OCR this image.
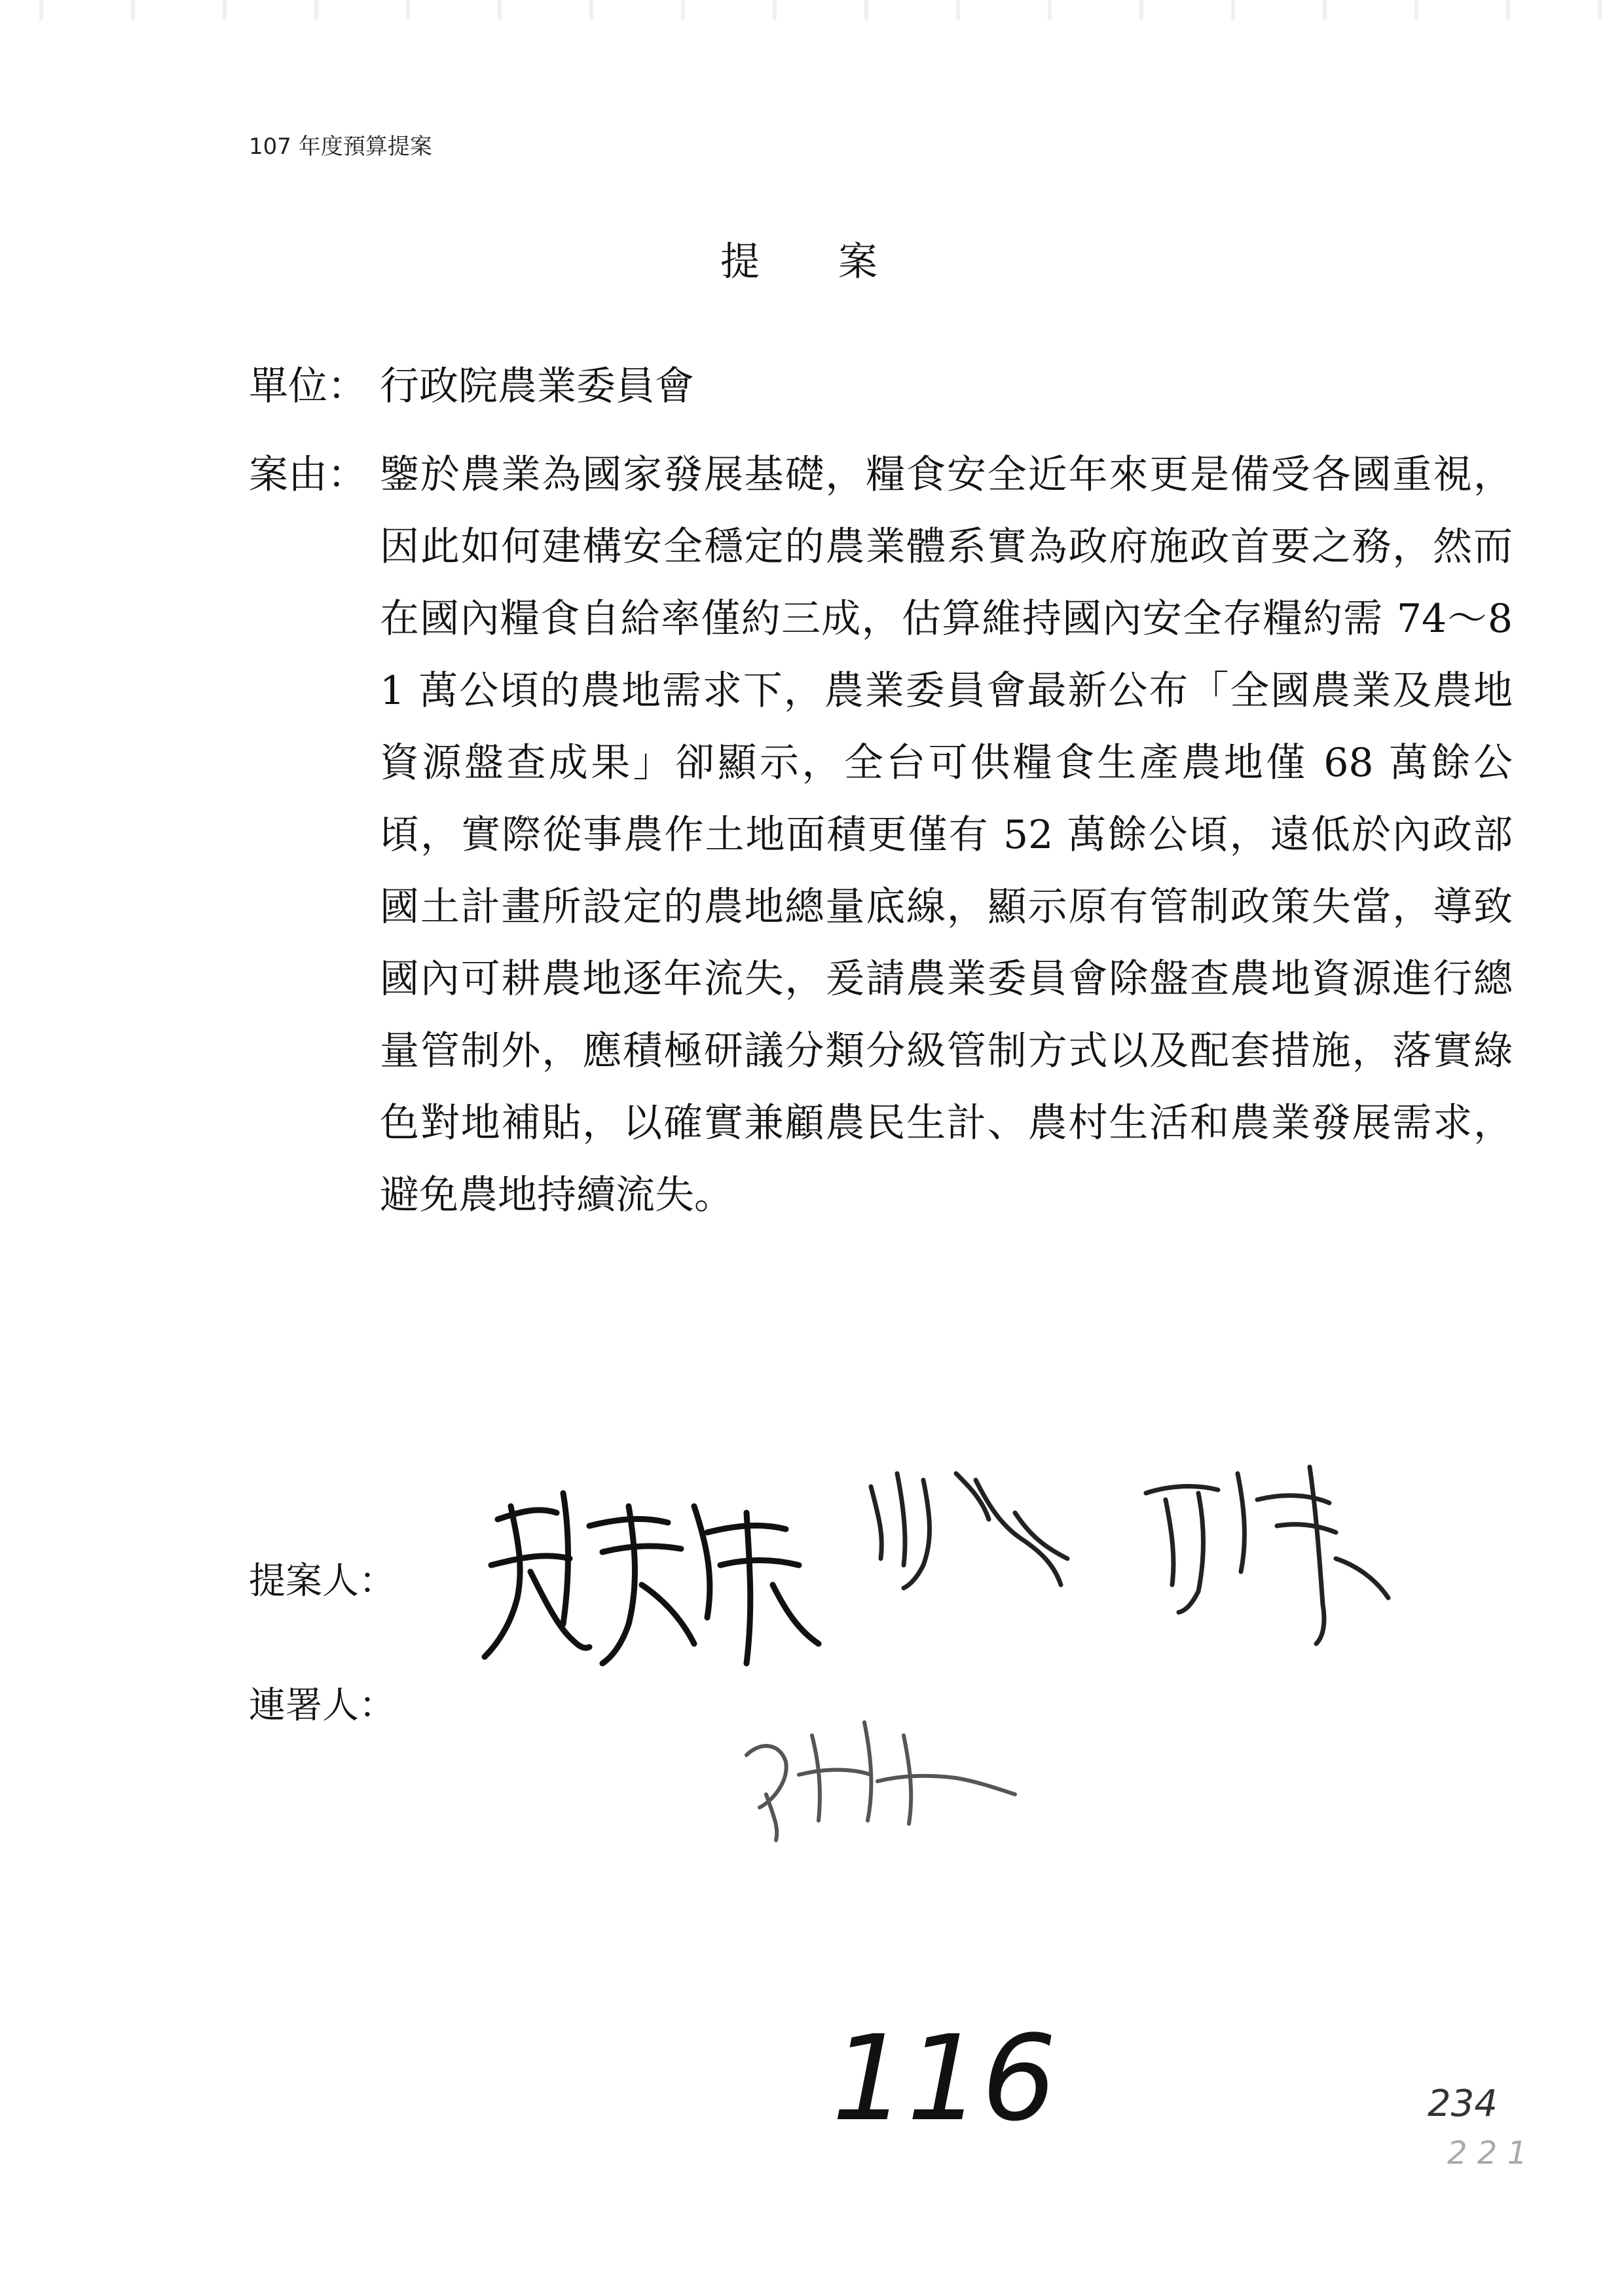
107 年度預算提案
提 案
單位： 行政院農業委員會
案由： 鑒於農業為國家發展基礎，糧食安全近年來更是備受各國重視，因此如何建構安全穩定的農業體系實為政府施政首要之務，然而在國內糧食自給率僅約三成，估算維持國內安全存糧約需 74～81 萬公頃的農地需求下，農業委員會最新公布「全國農業及農地資源盤查成果」卻顯示，全台可供糧食生產農地僅 68 萬餘公頃，實際從事農作土地面積更僅有 52 萬餘公頃，遠低於內政部國土計畫所設定的農地總量底線，顯示原有管制政策失當，導致國內可耕農地逐年流失，爰請農業委員會除盤查農地資源進行總量管制外，應積極研議分類分級管制方式以及配套措施，落實綠色對地補貼，以確實兼顧農民生計、農村生活和農業發展需求，避免農地持續流失。
提案人：
連署人：
116	234
2 2 1
